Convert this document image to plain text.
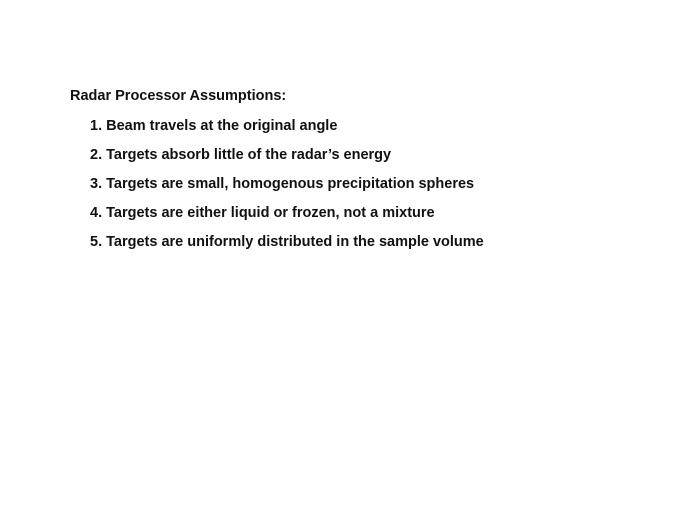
Radar Processor Assumptions:
1. Beam travels at the original angle
2. Targets absorb little of the radar’s energy
3. Targets are small, homogenous precipitation spheres
4. Targets are either liquid or frozen, not a mixture
5. Targets are uniformly distributed in the sample volume
